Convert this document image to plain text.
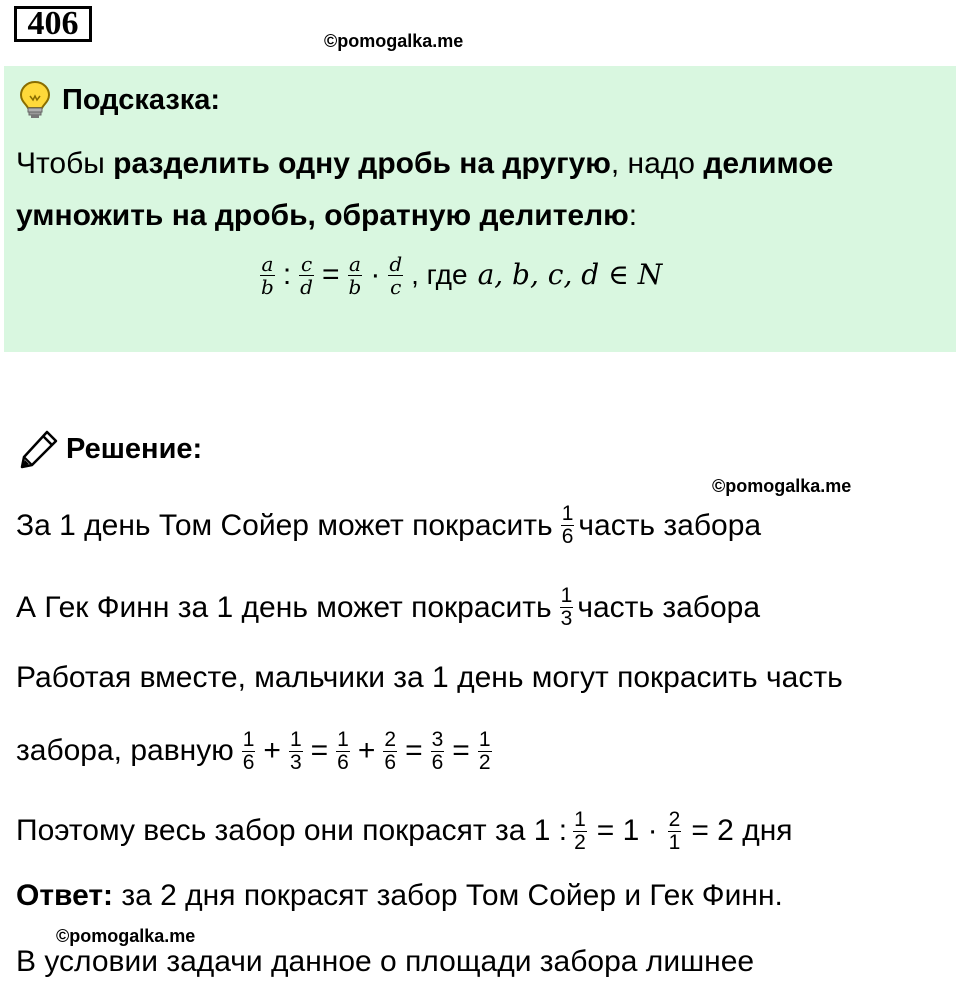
406	©pomogalka.me
Подсказка:
Чтобы разделить одну дробь на другую , надо делимое
умножить на дробь, обратную делителю :
$\frac{a}{b}$ : $\frac{c}{d} = \frac{a}{b} \cdot \frac{d}{c}$ , где a, b, c, d ∈ N
Решение:
©pomogalka.me
За 1 день Том Сойер может покрасить $\frac{1}{6}$ часть забора
А Гек Финн за 1 день может покрасить $\frac{1}{3}$ часть забора
Работая вместе, мальчики за 1 день могут покрасить часть
забора, равную $\frac{1}{6} + \frac{1}{3} = \frac{1}{6} + \frac{2}{6} = \frac{3}{6} = \frac{1}{2}$
Поэтому весь забор они покрасят за 1 : $\frac{1}{2} = 1 \cdot \frac{2}{1} = 2$ дня
Ответ: за 2 дня покрасят забор Том Сойер и Гек Финн.
©pomogalka.me
В условии задачи данное о площади забора лишнее
